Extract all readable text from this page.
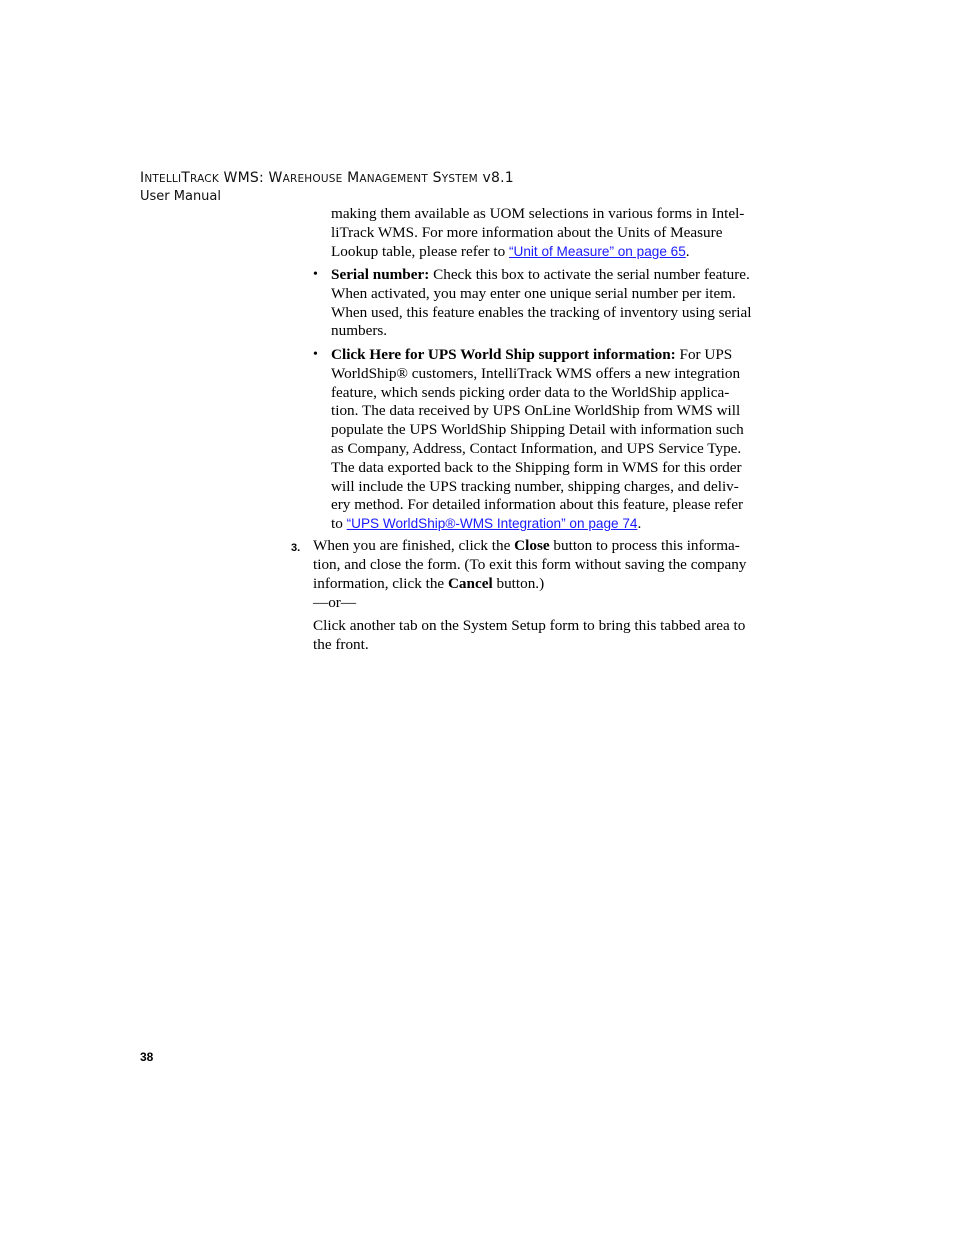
INTELLITRACK WMS: WAREHOUSE MANAGEMENT SYSTEM v8.1
User Manual
making them available as UOM selections in various forms in Intel-liTrack WMS. For more information about the Units of Measure Lookup table, please refer to “Unit of Measure” on page 65.
• Serial number: Check this box to activate the serial number feature. When activated, you may enter one unique serial number per item. When used, this feature enables the tracking of inventory using serial numbers.
• Click Here for UPS World Ship support information: For UPS WorldShip® customers, IntelliTrack WMS offers a new integration feature, which sends picking order data to the WorldShip applica-tion. The data received by UPS OnLine WorldShip from WMS will populate the UPS WorldShip Shipping Detail with information such as Company, Address, Contact Information, and UPS Service Type. The data exported back to the Shipping form in WMS for this order will include the UPS tracking number, shipping charges, and deliv-ery method. For detailed information about this feature, please refer to “UPS WorldShip®-WMS Integration” on page 74.
3. When you are finished, click the Close button to process this informa-tion, and close the form. (To exit this form without saving the company information, click the Cancel button.)
—or—
Click another tab on the System Setup form to bring this tabbed area to the front.
38
